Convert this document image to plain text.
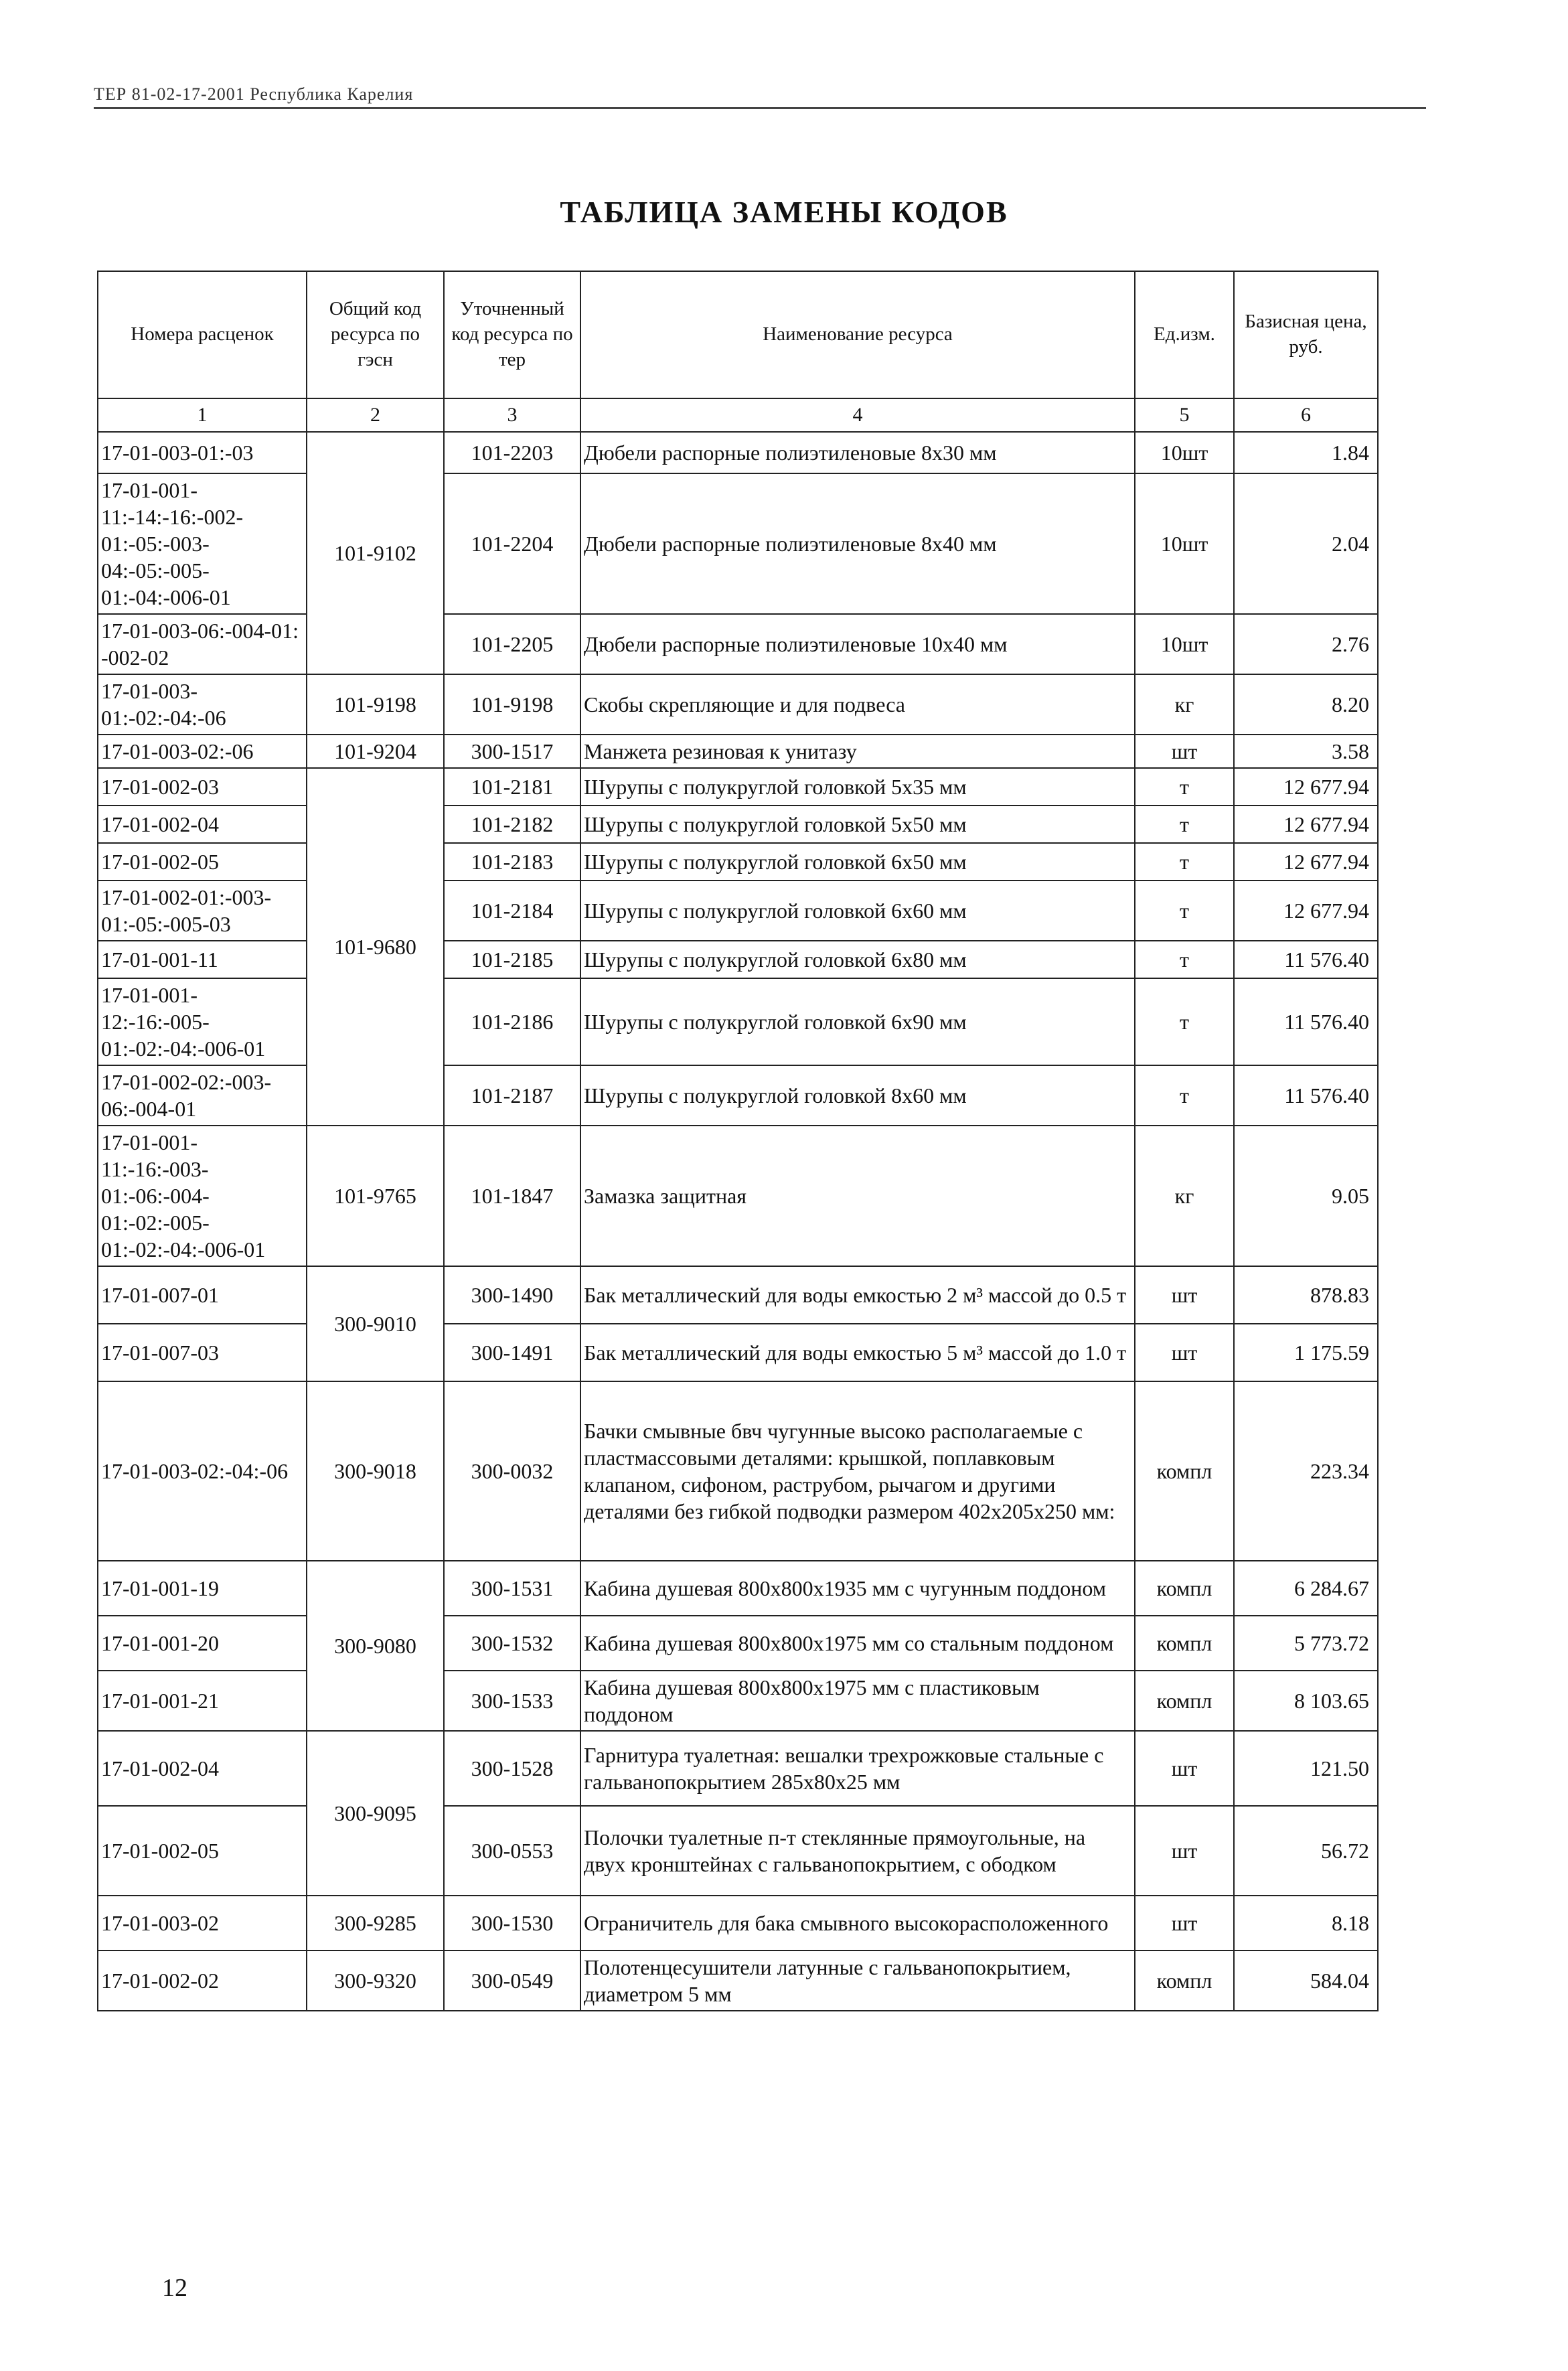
ТЕР 81-02-17-2001 Республика Карелия
ТАБЛИЦА ЗАМЕНЫ КОДОВ
Номера расценок	Общий код ресурса по гэсн	Уточненный код ресурса по тер	Наименование ресурса	Ед.изм.	Базисная цена, руб.
1	2	3	4	5	6
17-01-003-01:-03	101-9102	101-2203	Дюбели распорные полиэтиленовые 8х30 мм	10шт	1.84
17-01-001-11:-14:-16:-002-01:-05:-003-04:-05:-005-01:-04:-006-01		101-2204	Дюбели распорные полиэтиленовые 8х40 мм	10шт	2.04
17-01-003-06:-004-01: -002-02		101-2205	Дюбели распорные полиэтиленовые 10х40 мм	10шт	2.76
17-01-003-01:-02:-04:-06	101-9198	101-9198	Скобы скрепляющие и для подвеса	кг	8.20
17-01-003-02:-06	101-9204	300-1517	Манжета резиновая к унитазу	шт	3.58
17-01-002-03	101-9680	101-2181	Шурупы с полукруглой головкой 5х35 мм	т	12 677.94
17-01-002-04		101-2182	Шурупы с полукруглой головкой 5х50 мм	т	12 677.94
17-01-002-05		101-2183	Шурупы с полукруглой головкой 6х50 мм	т	12 677.94
17-01-002-01:-003-01:-05:-005-03		101-2184	Шурупы с полукруглой головкой 6х60 мм	т	12 677.94
17-01-001-11		101-2185	Шурупы с полукруглой головкой 6х80 мм	т	11 576.40
17-01-001-12:-16:-005-01:-02:-04:-006-01		101-2186	Шурупы с полукруглой головкой 6х90 мм	т	11 576.40
17-01-002-02:-003-06:-004-01		101-2187	Шурупы с полукруглой головкой 8х60 мм	т	11 576.40
17-01-001-11:-16:-003-01:-06:-004-01:-02:-005-01:-02:-04:-006-01	101-9765	101-1847	Замазка защитная	кг	9.05
17-01-007-01	300-9010	300-1490	Бак металлический для воды емкостью 2 м³ массой до 0.5 т	шт	878.83
17-01-007-03		300-1491	Бак металлический для воды емкостью 5 м³ массой до 1.0 т	шт	1 175.59
17-01-003-02:-04:-06	300-9018	300-0032	Бачки смывные бвч чугунные высоко располагаемые с пластмассовыми деталями: крышкой, поплавковым клапаном, сифоном, раструбом, рычагом и другими деталями без гибкой подводки размером 402х205х250 мм:	компл	223.34
17-01-001-19	300-9080	300-1531	Кабина душевая 800х800х1935 мм с чугунным поддоном	компл	6 284.67
17-01-001-20		300-1532	Кабина душевая 800х800х1975 мм со стальным поддоном	компл	5 773.72
17-01-001-21		300-1533	Кабина душевая 800х800х1975 мм с пластиковым поддоном	компл	8 103.65
17-01-002-04	300-9095	300-1528	Гарнитура туалетная: вешалки трехрожковые стальные с гальванопокрытием 285х80х25 мм	шт	121.50
17-01-002-05		300-0553	Полочки туалетные п-т стеклянные прямоугольные, на двух кронштейнах с гальванопокрытием, с ободком	шт	56.72
17-01-003-02	300-9285	300-1530	Ограничитель для бака смывного высокорасположенного	шт	8.18
17-01-002-02	300-9320	300-0549	Полотенцесушители латунные с гальванопокрытием, диаметром 5 мм	компл	584.04
12
